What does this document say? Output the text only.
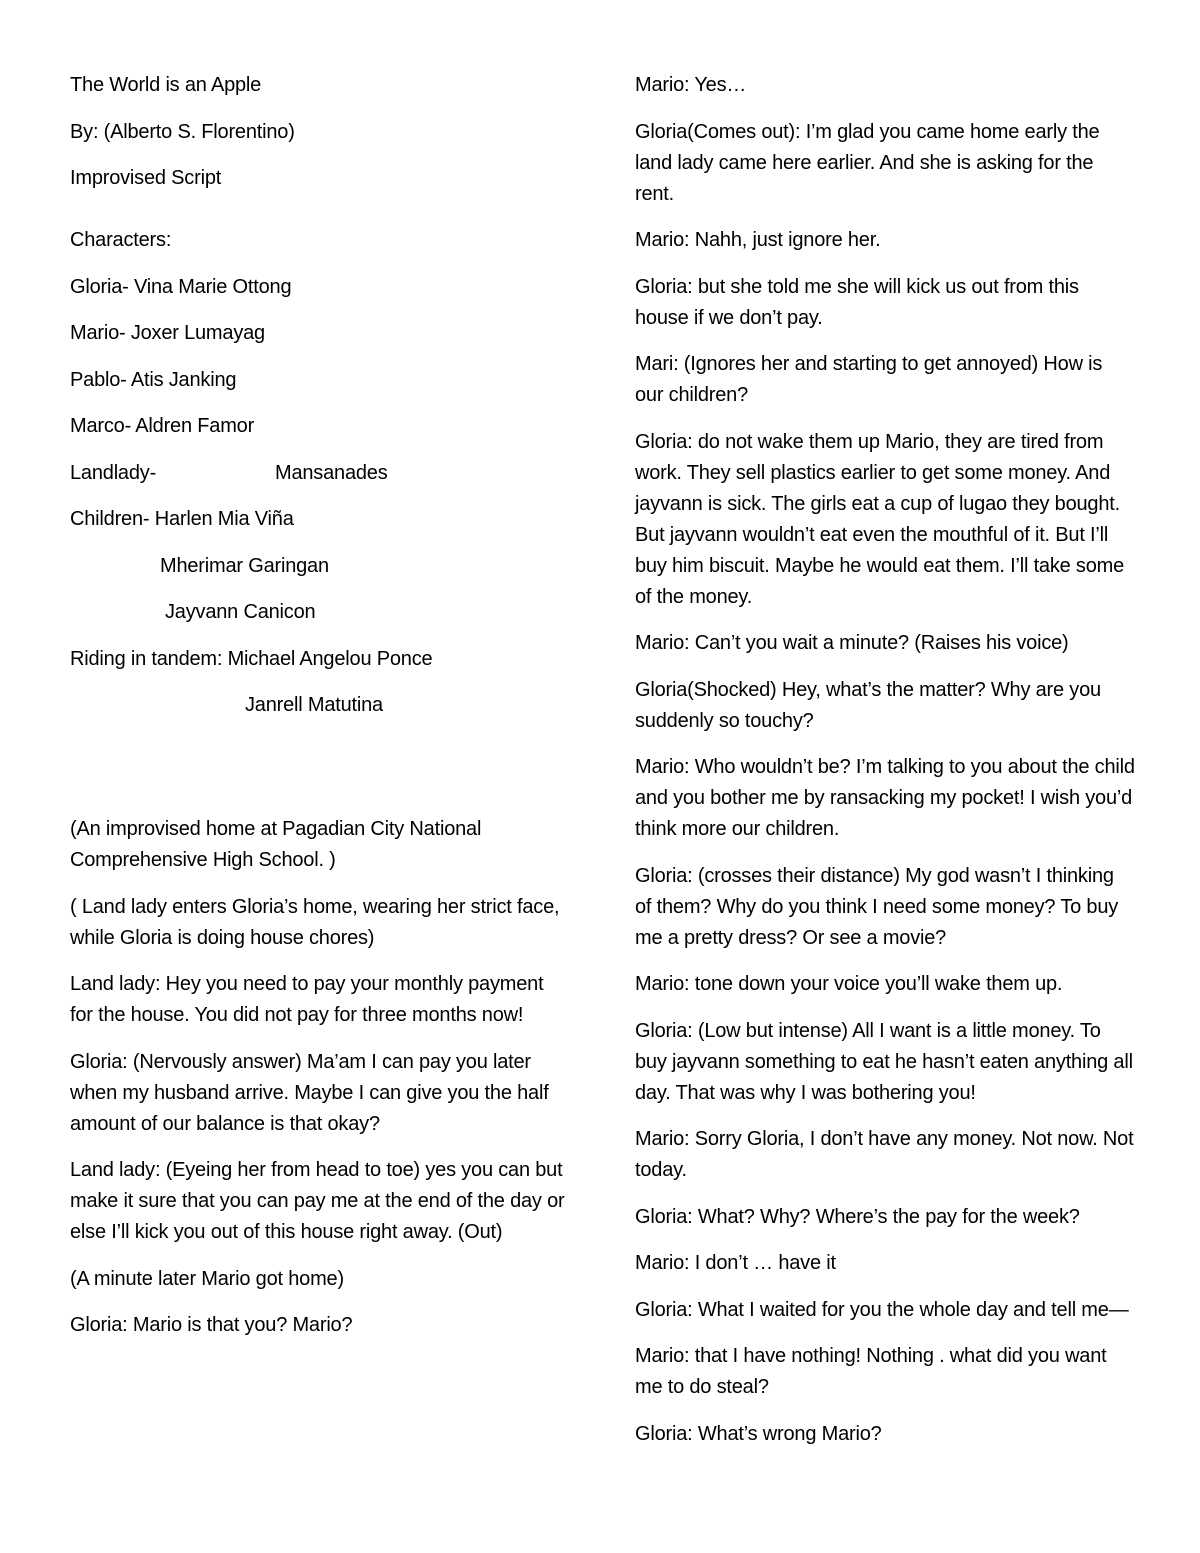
The World is an Apple

By: (Alberto S. Florentino)

Improvised Script

Characters:

Gloria- Vina Marie Ottong

Mario- Joxer Lumayag

Pablo- Atis Janking

Marco- Aldren Famor

Landlady-	Mansanades

Children- Harlen Mia Viña

Mherimar Garingan

Jayvann Canicon

Riding in tandem: Michael Angelou Ponce

Janrell Matutina

(An improvised home at Pagadian City National Comprehensive High School. )

( Land lady enters Gloria’s home, wearing her strict face, while Gloria is doing house chores)

Land lady: Hey you need to pay your monthly payment for the house. You did not pay for three months now!

Gloria: (Nervously answer) Ma’am I can pay you later when my husband arrive. Maybe I can give you the half amount of our balance is that okay?

Land lady: (Eyeing her from head to toe) yes you can but make it sure that you can pay me at the end of the day or else I’ll kick you out of this house right away. (Out)

(A minute later Mario got home)

Gloria: Mario is that you? Mario?

Mario: Yes…

Gloria(Comes out): I’m glad you came home early the land lady came here earlier. And she is asking for the rent.

Mario: Nahh, just ignore her.

Gloria: but she told me she will kick us out from this house if we don’t pay.

Mari: (Ignores her and starting to get annoyed) How is our children?

Gloria: do not wake them up Mario, they are tired from work. They sell plastics earlier to get some money. And jayvann is sick. The girls eat a cup of lugao they bought. But jayvann wouldn’t eat even the mouthful of it. But I’ll buy him biscuit. Maybe he would eat them. I’ll take some of the money.

Mario: Can’t you wait a minute? (Raises his voice)

Gloria(Shocked) Hey, what’s the matter? Why are you suddenly so touchy?

Mario: Who wouldn’t be? I’m talking to you about the child and you bother me by ransacking my pocket! I wish you’d think more our children.

Gloria: (crosses their distance) My god wasn’t I thinking of them? Why do you think I need some money? To buy me a pretty dress? Or see a movie?

Mario: tone down your voice you’ll wake them up.

Gloria: (Low but intense) All I want is a little money. To buy jayvann something to eat he hasn’t eaten anything all day. That was why I was bothering you!

Mario: Sorry Gloria, I don’t have any money. Not now. Not today.

Gloria: What? Why? Where’s the pay for the week?

Mario: I don’t … have it

Gloria: What I waited for you the whole day and tell me—

Mario: that I have nothing! Nothing . what did you want me to do steal?

Gloria: What’s wrong Mario?
